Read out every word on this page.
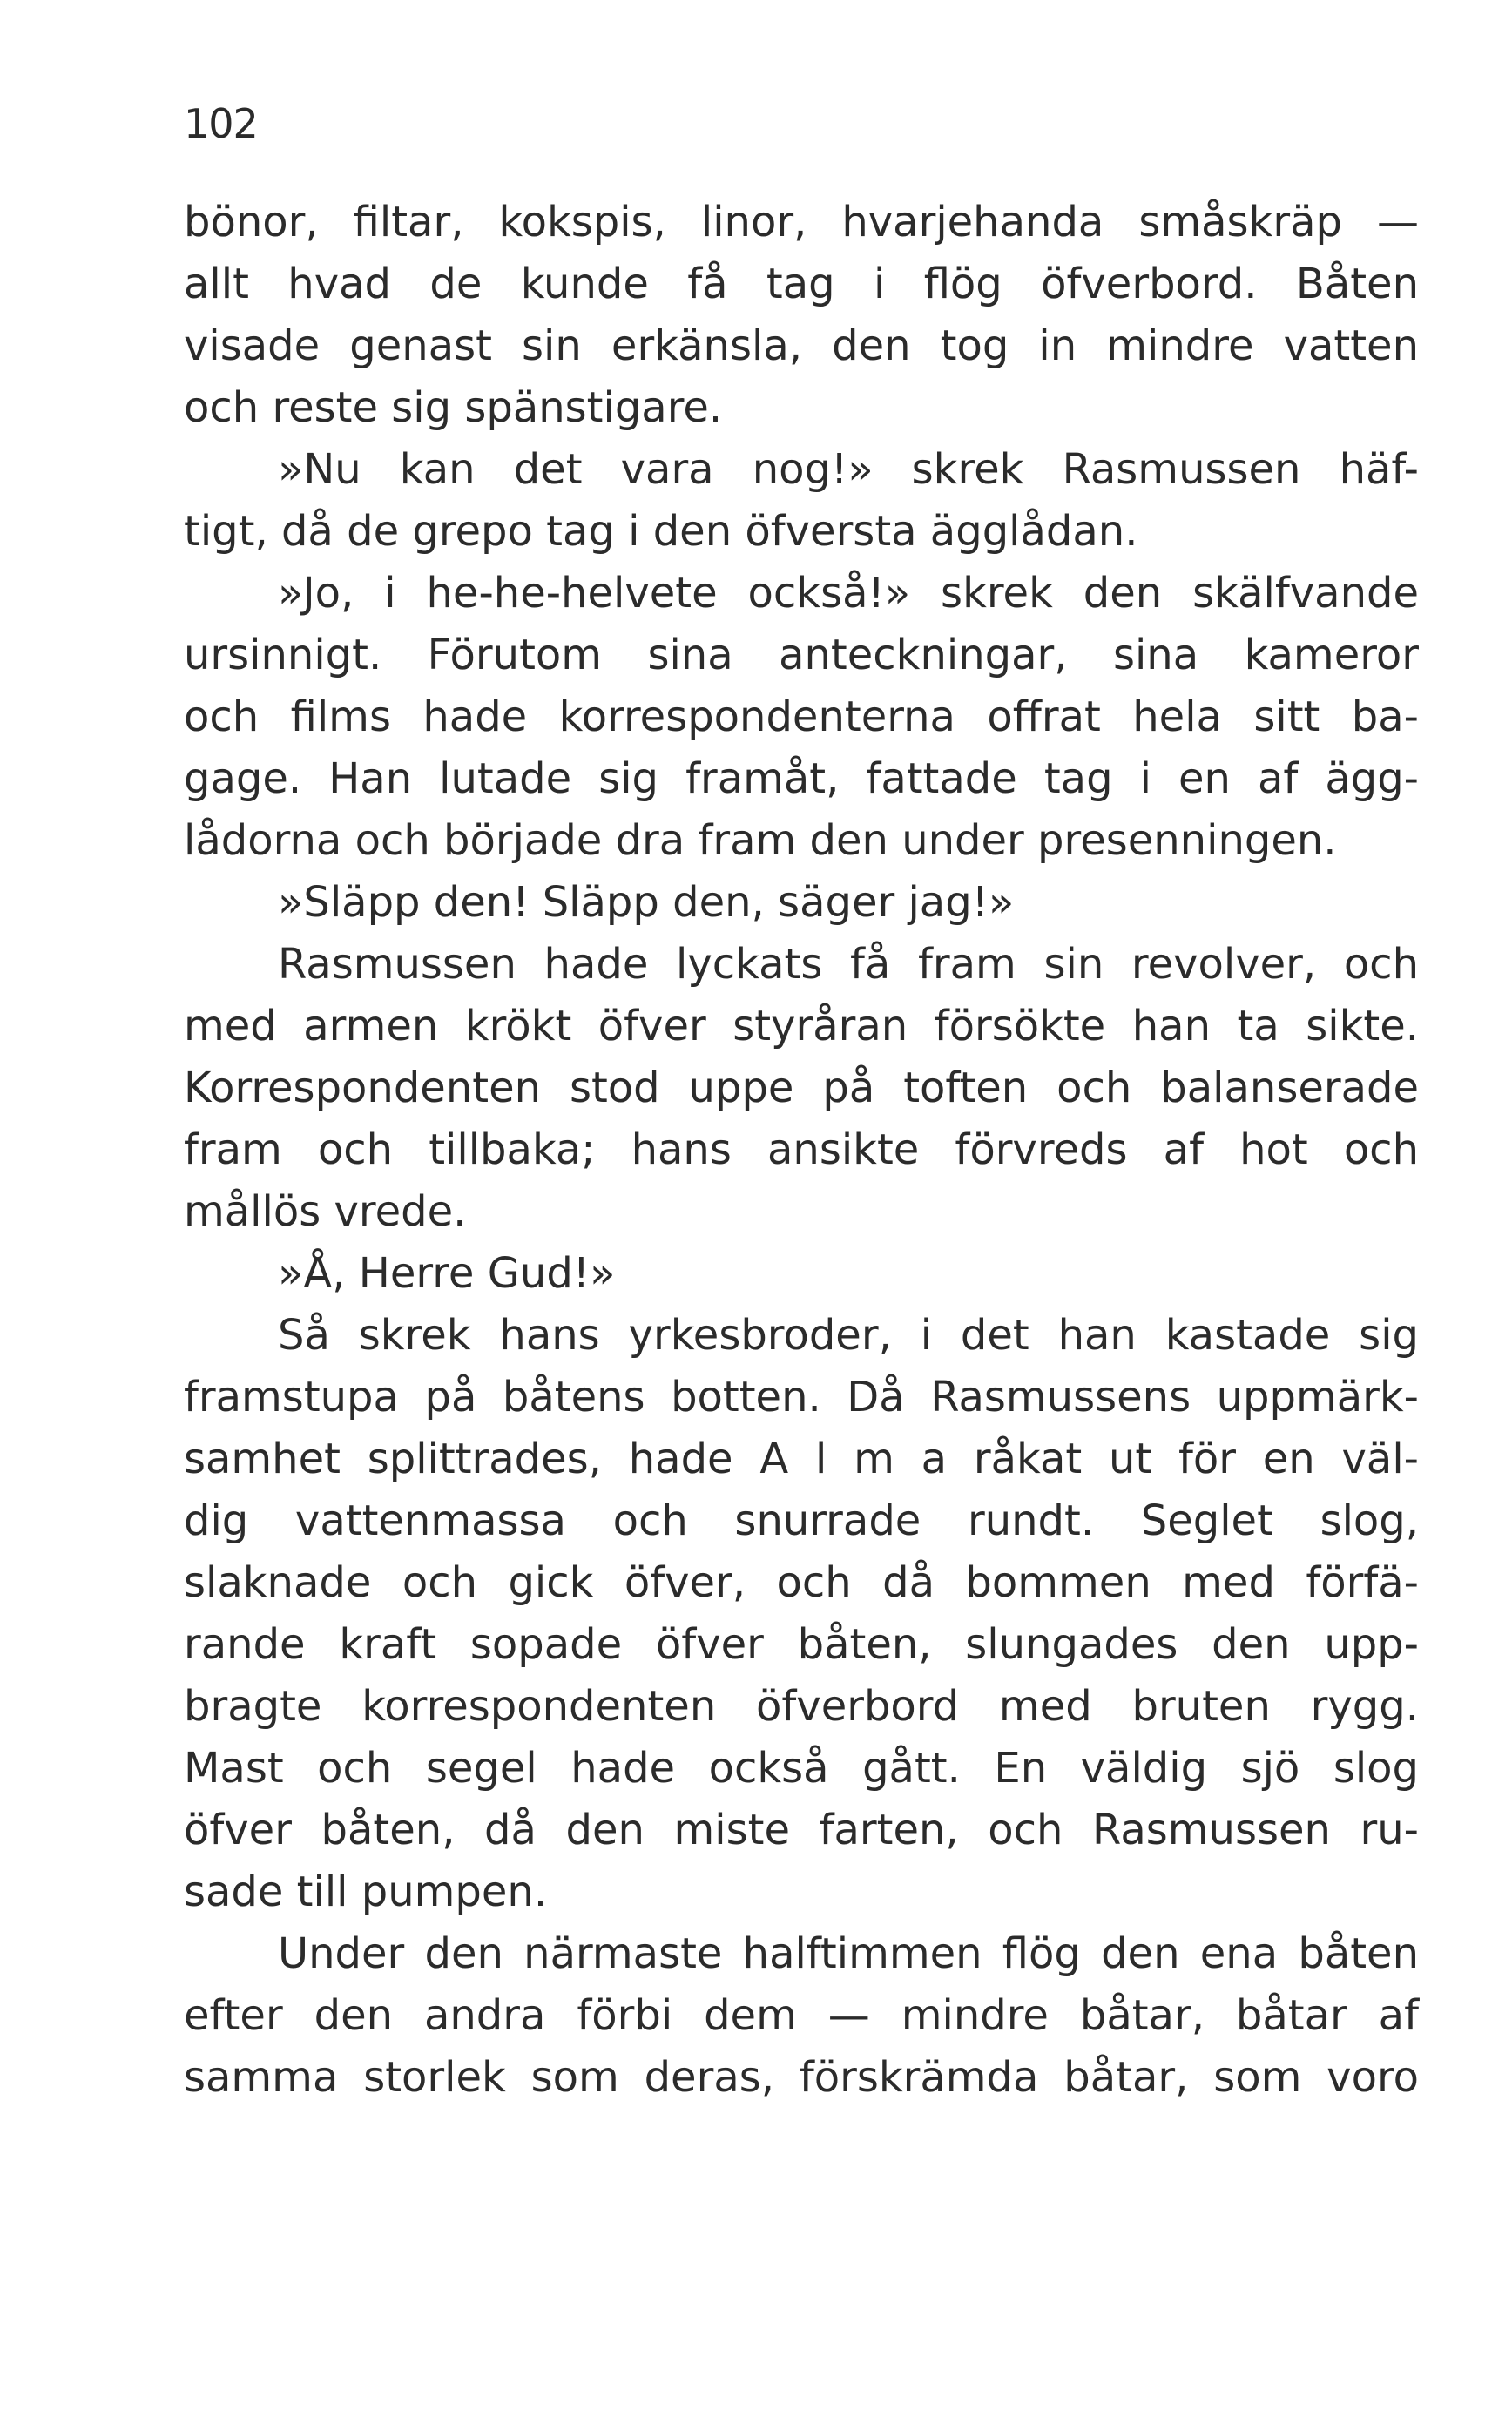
102
bönor, filtar, kokspis, linor, hvarjehanda småskräp —
allt hvad de kunde få tag i flög öfverbord. Båten
visade genast sin erkänsla, den tog in mindre vatten
och reste sig spänstigare.
»Nu kan det vara nog!» skrek Rasmussen häf-
tigt, då de grepo tag i den öfversta ägglådan.
»Jo, i he-he-helvete också!» skrek den skälfvande
ursinnigt. Förutom sina anteckningar, sina kameror
och films hade korrespondenterna offrat hela sitt ba-
gage. Han lutade sig framåt, fattade tag i en af ägg-
lådorna och började dra fram den under presenningen.
»Släpp den! Släpp den, säger jag!»
Rasmussen hade lyckats få fram sin revolver, och
med armen krökt öfver styråran försökte han ta sikte.
Korrespondenten stod uppe på toften och balanserade
fram och tillbaka; hans ansikte förvreds af hot och
mållös vrede.
»Å, Herre Gud!»
Så skrek hans yrkesbroder, i det han kastade sig
framstupa på båtens botten. Då Rasmussens uppmärk-
samhet splittrades, hade A l m a råkat ut för en väl-
dig vattenmassa och snurrade rundt. Seglet slog,
slaknade och gick öfver, och då bommen med förfä-
rande kraft sopade öfver båten, slungades den upp-
bragte korrespondenten öfverbord med bruten rygg.
Mast och segel hade också gått. En väldig sjö slog
öfver båten, då den miste farten, och Rasmussen ru-
sade till pumpen.
Under den närmaste halftimmen flög den ena båten
efter den andra förbi dem — mindre båtar, båtar af
samma storlek som deras, förskrämda båtar, som voro
